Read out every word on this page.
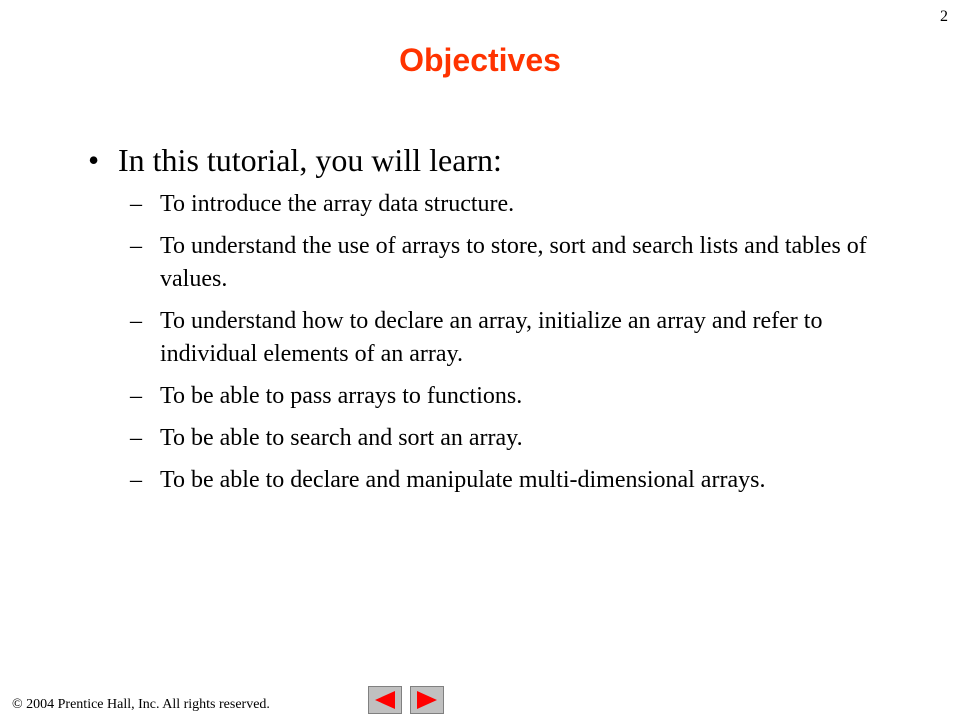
2
Objectives
• In this tutorial, you will learn:
– To introduce the array data structure.
– To understand the use of arrays to store, sort and search lists and tables of values.
– To understand how to declare an array, initialize an array and refer to individual elements of an array.
– To be able to pass arrays to functions.
– To be able to search and sort an array.
– To be able to declare and manipulate multi-dimensional arrays.
© 2004 Prentice Hall, Inc. All rights reserved.
